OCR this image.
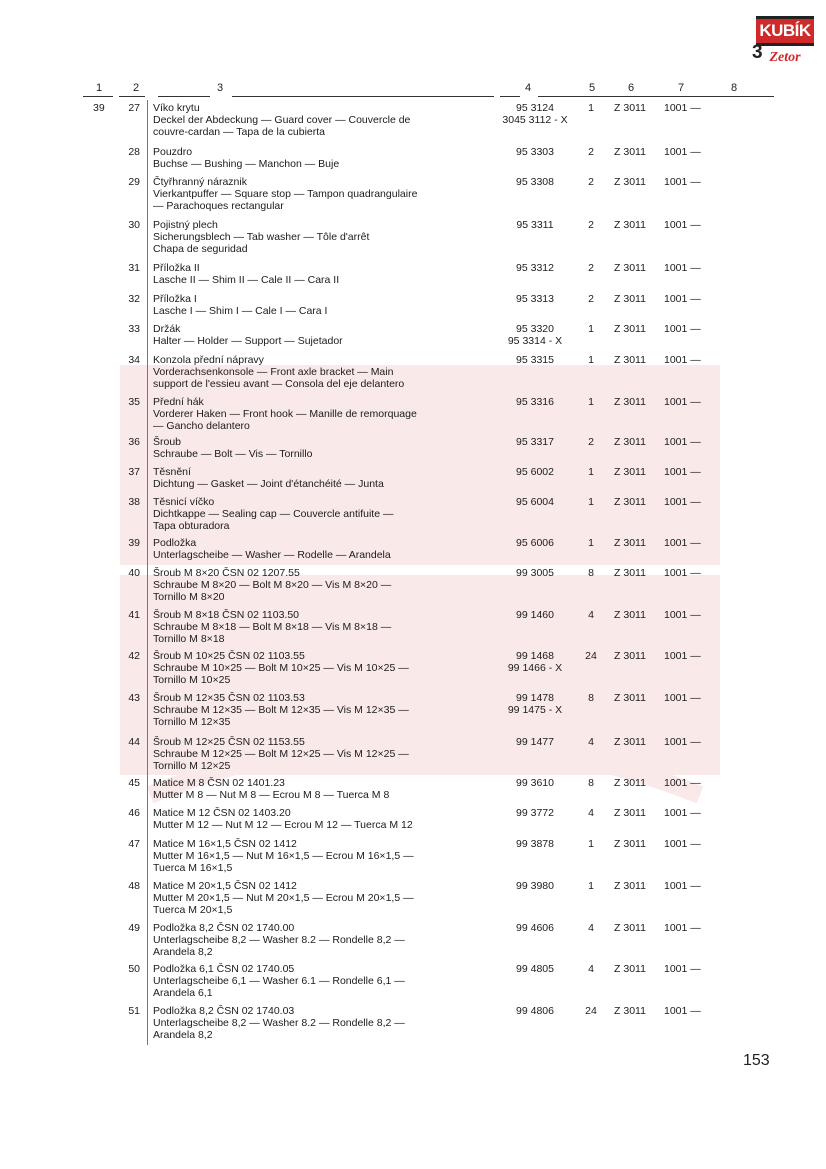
KUBÍK
Zetor
3
1	2	3	4	5	6	7	8
39	27 Víko krytu
Deckel der Abdeckung — Guard cover — Couvercle de
couvre-cardan — Tapa de la cubierta
95 3124
3045 3112 - X
1	Z 3011	1001 —
28 Pouzdro
Buchse — Bushing — Manchon — Buje
95 3303	2	Z 3011	1001 —
29 Čtyřhranný náraznik
Vierkantpuffer — Square stop — Tampon quadrangulaire
— Parachoques rectangular
95 3308	2	Z 3011	1001 —
30 Pojistný plech
Sicherungsblech — Tab washer — Tôle d'arrêt
Chapa de seguridad
95 3311	2	Z 3011	1001 —
31 Příložka II
Lasche II — Shim II — Cale II — Cara II
95 3312	2	Z 3011	1001 —
32 Příložka I
Lasche I — Shim I — Cale I — Cara I
95 3313	2	Z 3011	1001 —
33 Držák
Halter — Holder — Support — Sujetador
95 3320
95 3314 - X
1	Z 3011	1001 —
34 Konzola přední nápravy
Vorderachsenkonsole — Front axle bracket — Main
support de l'essieu avant — Consola del eje delantero
95 3315	1	Z 3011	1001 —
35 Přední hák
Vorderer Haken — Front hook — Manille de remorquage
— Gancho delantero
95 3316	1	Z 3011	1001 —
36 Šroub
Schraube — Bolt — Vis — Tornillo
95 3317	2	Z 3011	1001 —
37 Těsnění
Dichtung — Gasket — Joint d'étanchéité — Junta
95 6002	1	Z 3011	1001 —
38 Těsnicí víčko
Dichtkappe — Sealing cap — Couvercle antifuite —
Tapa obturadora
95 6004	1	Z 3011	1001 —
39 Podložka
Unterlagscheibe — Washer — Rodelle — Arandela
95 6006	1	Z 3011	1001 —
40 Šroub M 8×20 ČSN 02 1207.55
Schraube M 8×20 — Bolt M 8×20 — Vis M 8×20 —
Tornillo M 8×20
99 3005	8	Z 3011	1001 —
41 Šroub M 8×18 ČSN 02 1103.50
Schraube M 8×18 — Bolt M 8×18 — Vis M 8×18 —
Tornillo M 8×18
99 1460	4	Z 3011	1001 —
42 Šroub M 10×25 ČSN 02 1103.55
Schraube M 10×25 — Bolt M 10×25 — Vis M 10×25 —
Tornillo M 10×25
99 1468
99 1466 - X
24	Z 3011	1001 —
43 Šroub M 12×35 ČSN 02 1103.53
Schraube M 12×35 — Bolt M 12×35 — Vis M 12×35 —
Tornillo M 12×35
99 1478
99 1475 - X
8	Z 3011	1001 —
44 Šroub M 12×25 ČSN 02 1153.55
Schraube M 12×25 — Bolt M 12×25 — Vis M 12×25 —
Tornillo M 12×25
99 1477	4	Z 3011	1001 —
45 Matice M 8 ČSN 02 1401.23
Mutter M 8 — Nut M 8 — Ecrou M 8 — Tuerca M 8
99 3610	8	Z 3011	1001 —
46 Matice M 12 ČSN 02 1403.20
Mutter M 12 — Nut M 12 — Ecrou M 12 — Tuerca M 12
99 3772	4	Z 3011	1001 —
47 Matice M 16×1,5 ČSN 02 1412
Mutter M 16×1,5 — Nut M 16×1,5 — Ecrou M 16×1,5 —
Tuerca M 16×1,5
99 3878	1	Z 3011	1001 —
48 Matice M 20×1,5 ČSN 02 1412
Mutter M 20×1,5 — Nut M 20×1,5 — Ecrou M 20×1,5 —
Tuerca M 20×1,5
99 3980	1	Z 3011	1001 —
49 Podložka 8,2 ČSN 02 1740.00
Unterlagscheibe 8,2 — Washer 8.2 — Rondelle 8,2 —
Arandela 8,2
99 4606	4	Z 3011	1001 —
50 Podložka 6,1 ČSN 02 1740.05
Unterlagscheibe 6,1 — Washer 6.1 — Rondelle 6,1 —
Arandela 6,1
99 4805	4	Z 3011	1001 —
51 Podložka 8,2 ČSN 02 1740.03
Unterlagscheibe 8,2 — Washer 8.2 — Rondelle 8,2 —
Arandela 8,2
99 4806	24	Z 3011	1001 —
153
